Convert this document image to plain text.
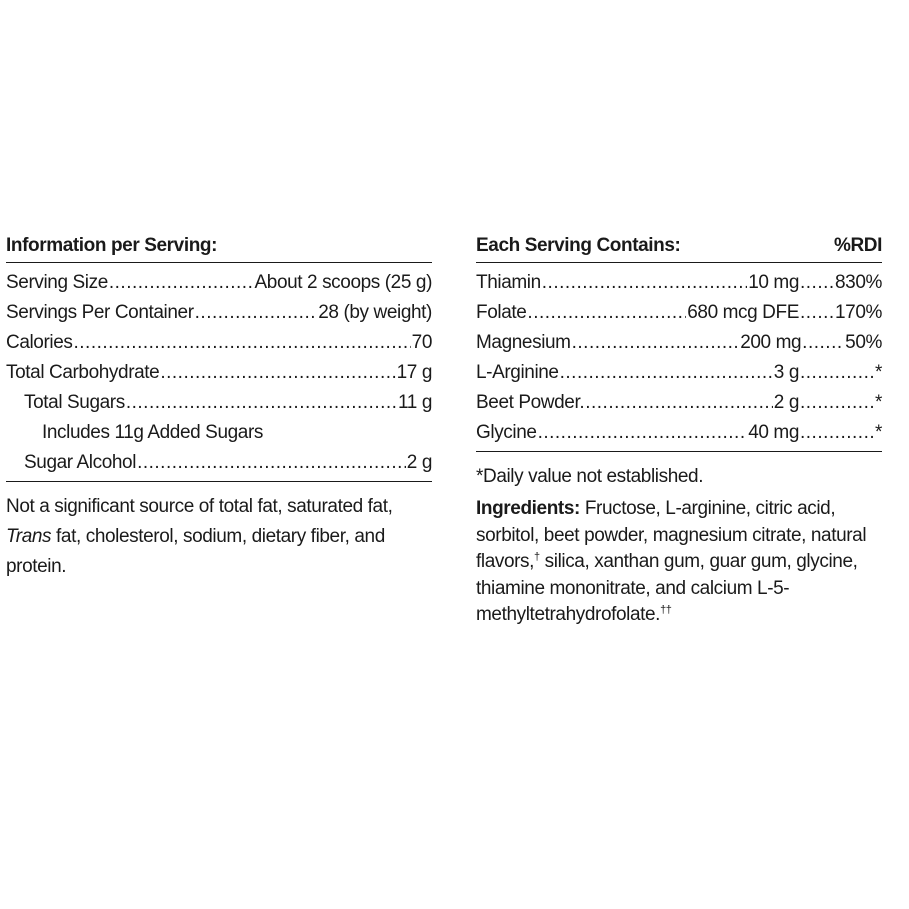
Information per Serving:
Serving Size .....	About 2 scoops (25 g)
Servings Per Container .....	28 (by weight)
Calories .....	70
Total Carbohydrate .....	17 g
Total Sugars .....	11 g
Includes 11g Added Sugars
Sugar Alcohol .....	2 g
Not a significant source of total fat, saturated fat, Trans fat, cholesterol, sodium, dietary fiber, and protein.
Each Serving Contains:	%RDI
Thiamin .....	10 mg ..... 830%
Folate .....	680 mcg DFE ..... 170%
Magnesium .....	200 mg ..... 50%
L-Arginine .....	3 g .....	*
Beet Powder. .....	2 g .....	*
Glycine .....	40 mg .....	*
*Daily value not established.
Ingredients: Fructose, L-arginine, citric acid, sorbitol, beet powder, magnesium citrate, natural flavors,† silica, xanthan gum, guar gum, glycine, thiamine mononitrate, and calcium L-5-methyltetrahydrofolate.††
